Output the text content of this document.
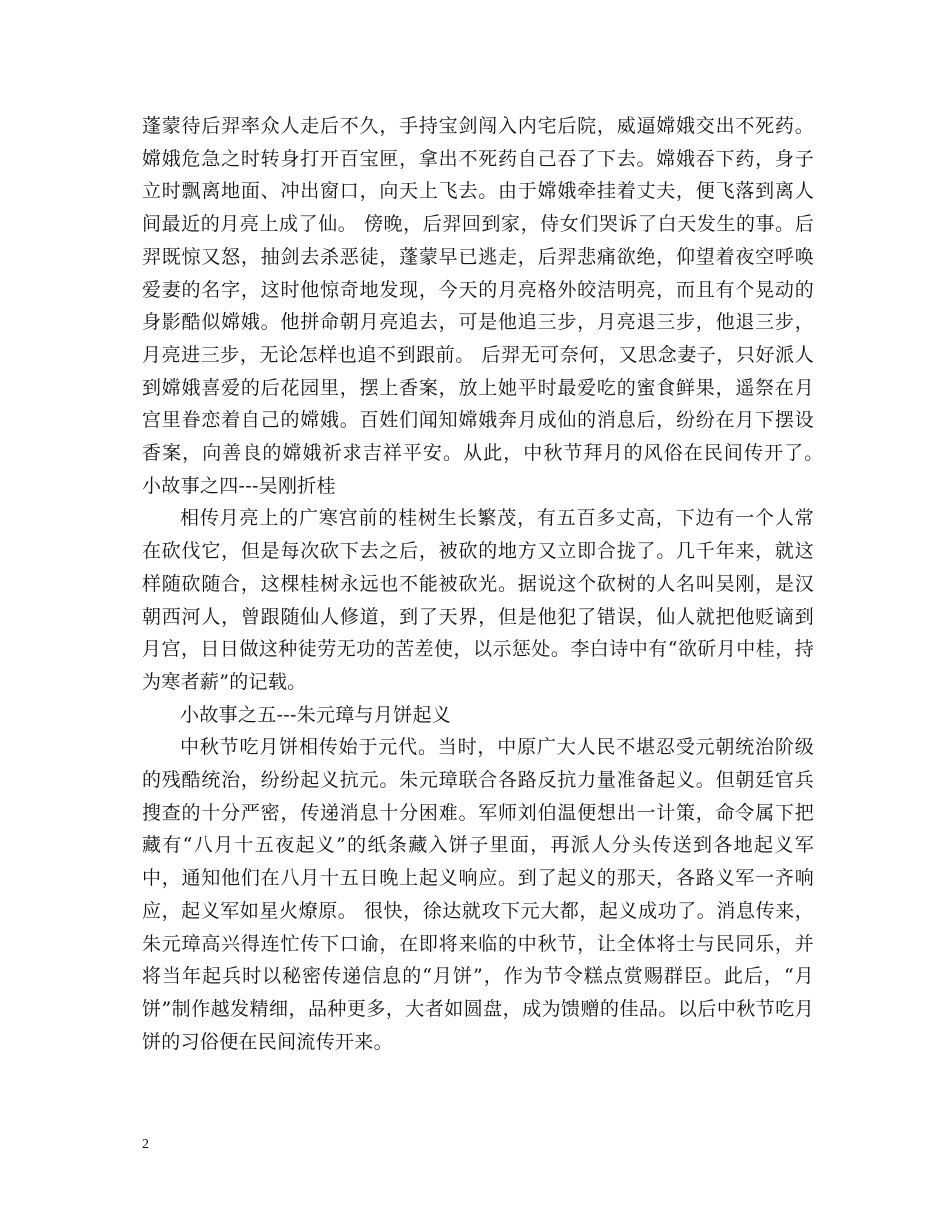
蓬蒙待后羿率众人走后不久，手持宝剑闯入内宅后院，威逼嫦娥交出不死药。嫦娥危急之时转身打开百宝匣，拿出不死药自己吞了下去。嫦娥吞下药，身子立时飘离地面、冲出窗口，向天上飞去。由于嫦娥牵挂着丈夫，便飞落到离人间最近的月亮上成了仙。 傍晚，后羿回到家，侍女们哭诉了白天发生的事。后羿既惊又怒，抽剑去杀恶徒，蓬蒙早已逃走，后羿悲痛欲绝，仰望着夜空呼唤爱妻的名字，这时他惊奇地发现，今天的月亮格外皎洁明亮，而且有个晃动的身影酷似嫦娥。他拼命朝月亮追去，可是他追三步，月亮退三步，他退三步，月亮进三步，无论怎样也追不到跟前。 后羿无可奈何，又思念妻子，只好派人到嫦娥喜爱的后花园里，摆上香案，放上她平时最爱吃的蜜食鲜果，遥祭在月宫里眷恋着自己的嫦娥。百姓们闻知嫦娥奔月成仙的消息后，纷纷在月下摆设香案，向善良的嫦娥祈求吉祥平安。从此，中秋节拜月的风俗在民间传开了。　　小故事之四---吴刚折桂

相传月亮上的广寒宫前的桂树生长繁茂，有五百多丈高，下边有一个人常在砍伐它，但是每次砍下去之后，被砍的地方又立即合拢了。几千年来，就这样随砍随合，这棵桂树永远也不能被砍光。据说这个砍树的人名叫吴刚，是汉朝西河人，曾跟随仙人修道，到了天界，但是他犯了错误，仙人就把他贬谪到月宫，日日做这种徒劳无功的苦差使，以示惩处。李白诗中有“欲斫月中桂，持为寒者薪”的记载。

小故事之五---朱元璋与月饼起义

中秋节吃月饼相传始于元代。当时，中原广大人民不堪忍受元朝统治阶级的残酷统治，纷纷起义抗元。朱元璋联合各路反抗力量准备起义。但朝廷官兵搜查的十分严密，传递消息十分困难。军师刘伯温便想出一计策，命令属下把藏有“八月十五夜起义”的纸条藏入饼子里面，再派人分头传送到各地起义军中，通知他们在八月十五日晚上起义响应。到了起义的那天，各路义军一齐响应，起义军如星火燎原。 很快，徐达就攻下元大都，起义成功了。消息传来，朱元璋高兴得连忙传下口谕，在即将来临的中秋节，让全体将士与民同乐，并将当年起兵时以秘密传递信息的“月饼”，作为节令糕点赏赐群臣。此后，“月饼”制作越发精细，品种更多，大者如圆盘，成为馈赠的佳品。以后中秋节吃月饼的习俗便在民间流传开来。

2
